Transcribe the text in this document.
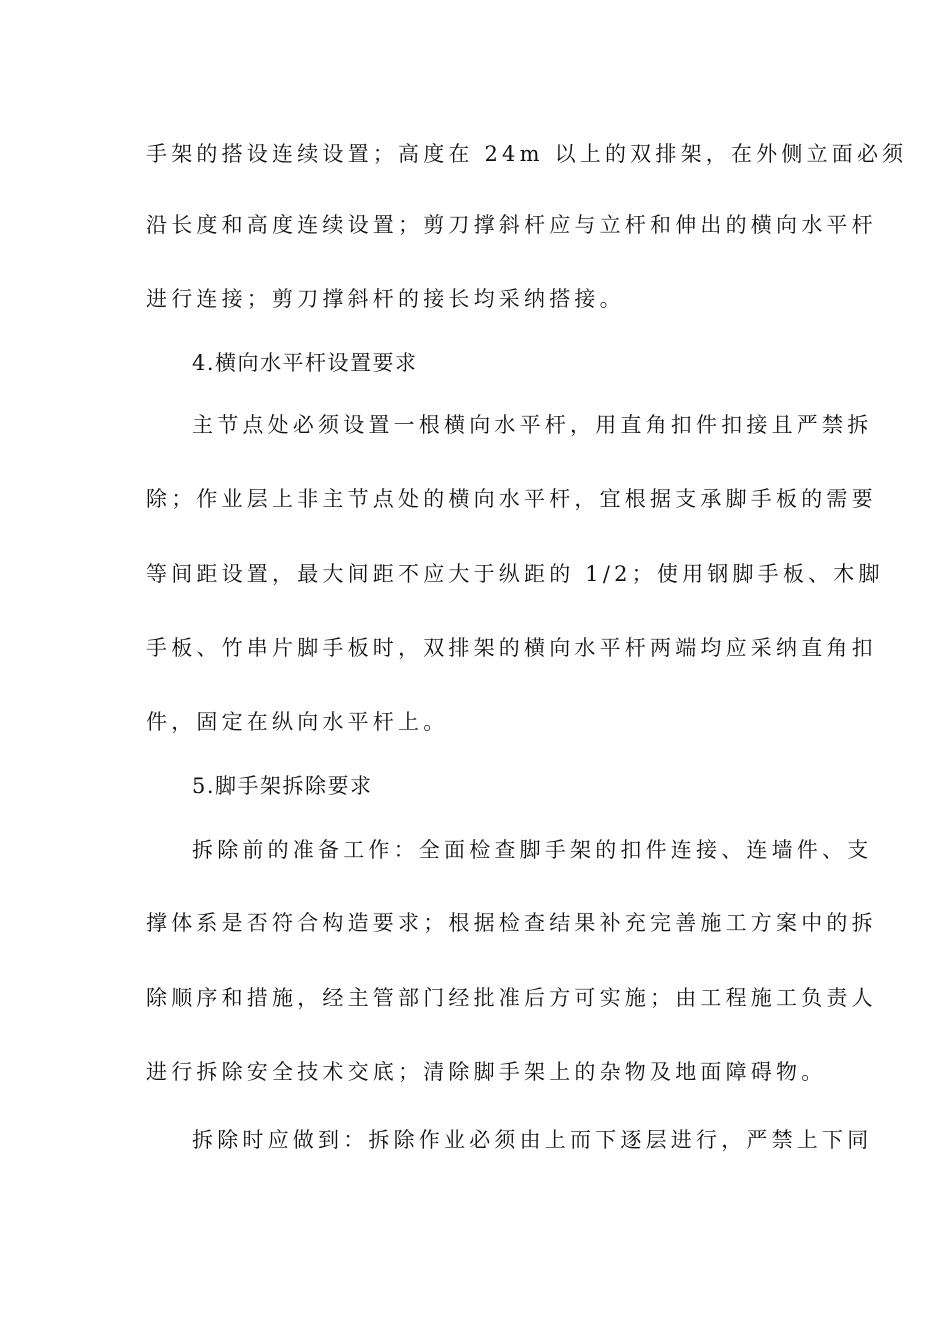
手架的搭设连续设置；高度在 24m 以上的双排架，在外侧立面必须
沿长度和高度连续设置；剪刀撑斜杆应与立杆和伸出的横向水平杆
进行连接；剪刀撑斜杆的接长均采纳搭接。
4.横向水平杆设置要求
主节点处必须设置一根横向水平杆，用直角扣件扣接且严禁拆
除；作业层上非主节点处的横向水平杆，宜根据支承脚手板的需要
等间距设置，最大间距不应大于纵距的 1/2；使用钢脚手板、木脚
手板、竹串片脚手板时，双排架的横向水平杆两端均应采纳直角扣
件，固定在纵向水平杆上。
5.脚手架拆除要求
拆除前的准备工作：全面检查脚手架的扣件连接、连墙件、支
撑体系是否符合构造要求；根据检查结果补充完善施工方案中的拆
除顺序和措施，经主管部门经批准后方可实施；由工程施工负责人
进行拆除安全技术交底；清除脚手架上的杂物及地面障碍物。
拆除时应做到：拆除作业必须由上而下逐层进行，严禁上下同
